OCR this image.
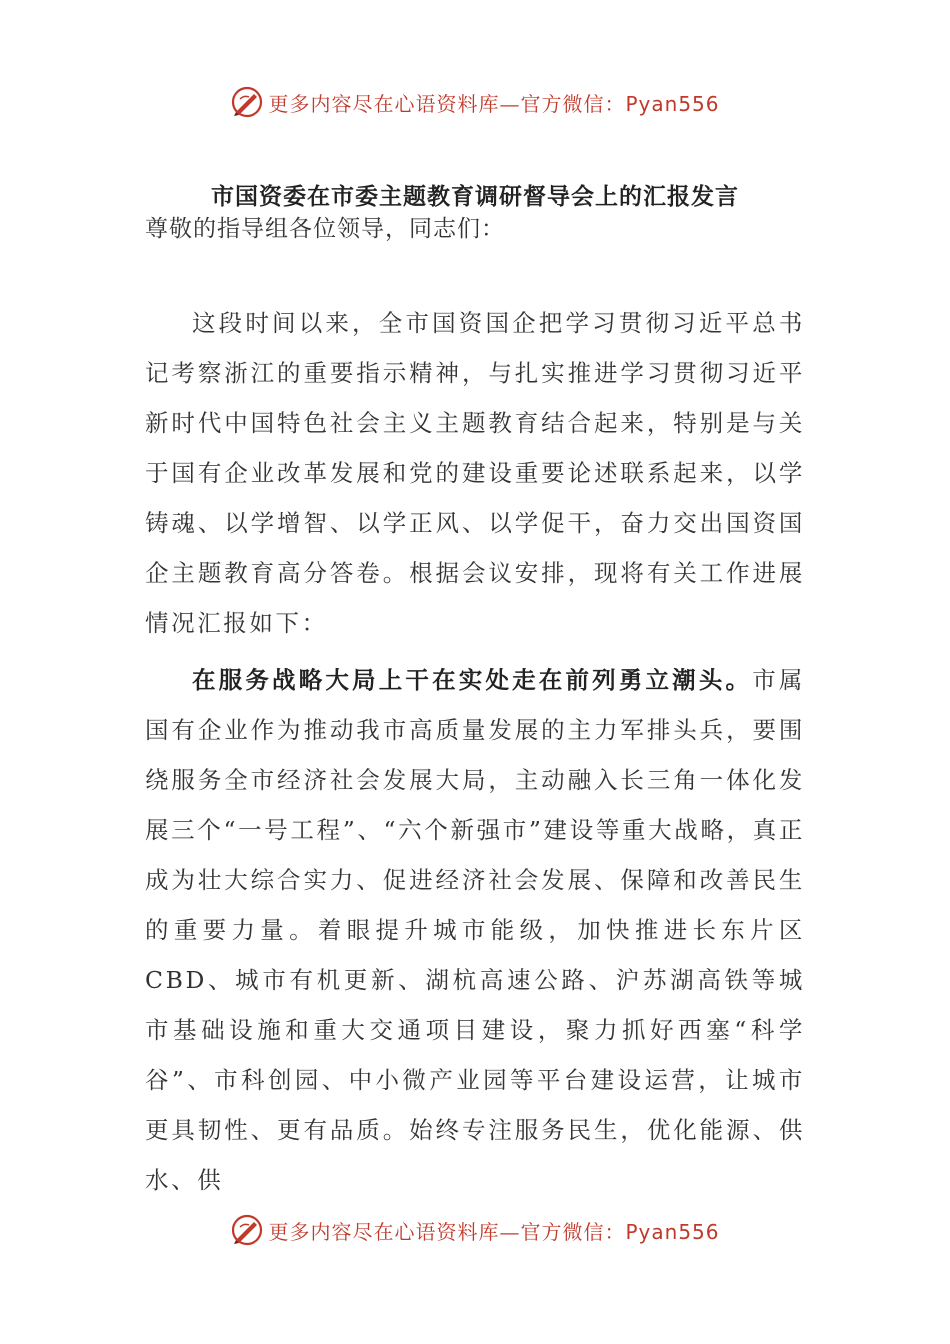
更多内容尽在心语资料库—官方微信：Pyan556
市国资委在市委主题教育调研督导会上的汇报发言
尊敬的指导组各位领导，同志们：

这段时间以来，全市国资国企把学习贯彻习近平总书记考察浙江的重要指示精神，与扎实推进学习贯彻习近平新时代中国特色社会主义主题教育结合起来，特别是与关于国有企业改革发展和党的建设重要论述联系起来，以学铸魂、以学增智、以学正风、以学促干，奋力交出国资国企主题教育高分答卷。根据会议安排，现将有关工作进展情况汇报如下：

在服务战略大局上干在实处走在前列勇立潮头。市属国有企业作为推动我市高质量发展的主力军排头兵，要围绕服务全市经济社会发展大局，主动融入长三角一体化发展三个“一号工程”、“六个新强市”建设等重大战略，真正成为壮大综合实力、促进经济社会发展、保障和改善民生的重要力量。着眼提升城市能级，加快推进长东片区CBD、城市有机更新、湖杭高速公路、沪苏湖高铁等城市基础设施和重大交通项目建设，聚力抓好西塞“科学谷”、市科创园、中小微产业园等平台建设运营，让城市更具韧性、更有品质。始终专注服务民生，优化能源、供水、供

更多内容尽在心语资料库—官方微信：Pyan556
